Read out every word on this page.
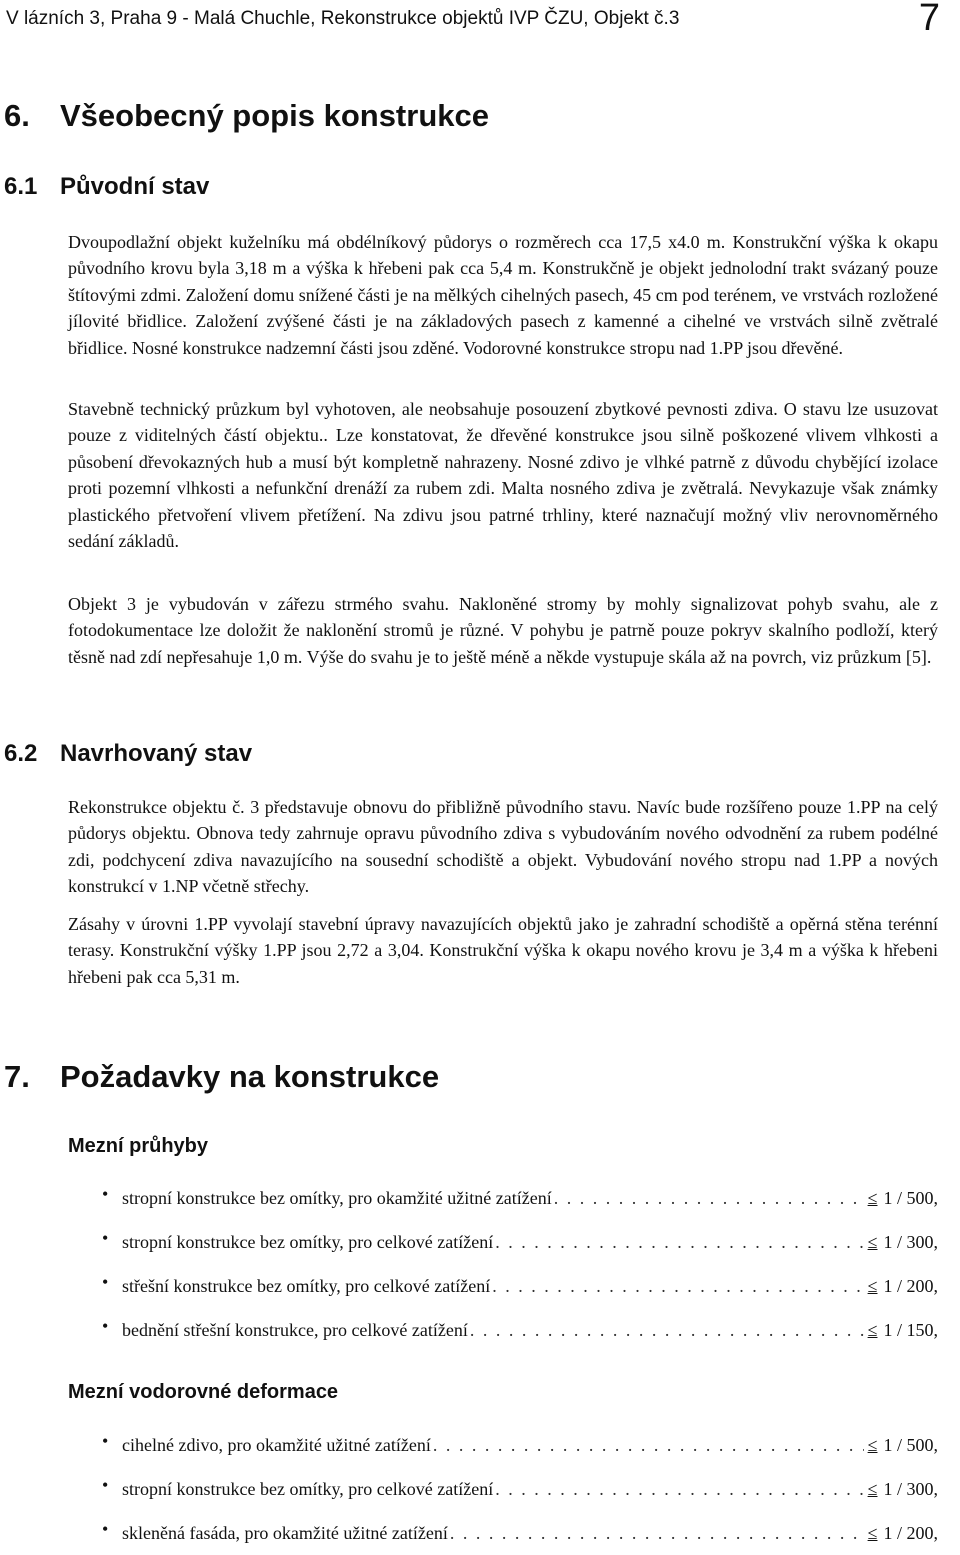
V lázních 3, Praha 9 - Malá Chuchle, Rekonstrukce objektů IVP ČZU, Objekt č.3	7
6. Všeobecný popis konstrukce
6.1 Původní stav

Dvoupodlažní objekt kuželníku má obdélníkový půdorys o rozměrech cca 17,5 x4.0 m. Konstrukční výška k okapu původního krovu byla 3,18 m a výška k hřebeni pak cca 5,4 m. Konstrukčně je objekt jednolodní trakt svázaný pouze štítovými zdmi. Založení domu snížené části je na mělkých cihelných pasech, 45 cm pod terénem, ve vrstvách rozložené jílovité břidlice. Založení zvýšené části je na základových pasech z kamenné a cihelné ve vrstvách silně zvětralé břidlice. Nosné konstrukce nadzemní části jsou zděné. Vodorovné konstrukce stropu nad 1.PP jsou dřevěné.

Stavebně technický průzkum byl vyhotoven, ale neobsahuje posouzení zbytkové pevnosti zdiva. O stavu lze usuzovat pouze z viditelných částí objektu.. Lze konstatovat, že dřevěné konstrukce jsou silně poškozené vlivem vlhkosti a působení dřevokazných hub a musí být kompletně nahrazeny. Nosné zdivo je vlhké patrně z důvodu chybějící izolace proti pozemní vlhkosti a nefunkční drenáží za rubem zdi. Malta nosného zdiva je zvětralá. Nevykazuje však známky plastického přetvoření vlivem přetížení. Na zdivu jsou patrné trhliny, které naznačují možný vliv nerovnoměrného sedání základů.

Objekt 3 je vybudován v zářezu strmého svahu. Nakloněné stromy by mohly signalizovat pohyb svahu, ale z fotodokumentace lze doložit že naklonění stromů je různé. V pohybu je patrně pouze pokryv skalního podloží, který těsně nad zdí nepřesahuje 1,0 m. Výše do svahu je to ještě méně a někde vystupuje skála až na povrch, viz průzkum [5].

6.2 Navrhovaný stav

Rekonstrukce objektu č. 3 představuje obnovu do přibližně původního stavu. Navíc bude rozšířeno pouze 1.PP na celý půdorys objektu. Obnova tedy zahrnuje opravu původního zdiva s vybudováním nového odvodnění za rubem podélné zdi, podchycení zdiva navazujícího na sousední schodiště a objekt. Vybudování nového stropu nad 1.PP a nových konstrukcí v 1.NP včetně střechy.

Zásahy v úrovni 1.PP vyvolají stavební úpravy navazujících objektů jako je zahradní schodiště a opěrná stěna terénní terasy. Konstrukční výšky 1.PP jsou 2,72 a 3,04. Konstrukční výška k okapu nového krovu je 3,4 m a výška k hřebeni hřebeni pak cca 5,31 m.

7. Požadavky na konstrukce
Mezní průhyby
• stropní konstrukce bez omítky, pro okamžité užitné zatížení . . .	≤ 1 / 500,
• stropní konstrukce bez omítky, pro celkové zatížení . . .	≤ 1 / 300,
• střešní konstrukce bez omítky, pro celkové zatížení . . .	≤ 1 / 200,
• bednění střešní konstrukce, pro celkové zatížení . . .	≤ 1 / 150,
Mezní vodorovné deformace
• cihelné zdivo, pro okamžité užitné zatížení . . .	≤ 1 / 500,
• stropní konstrukce bez omítky, pro celkové zatížení . . .	≤ 1 / 300,
• skleněná fasáda, pro okamžité užitné zatížení . . .	≤ 1 / 200,
